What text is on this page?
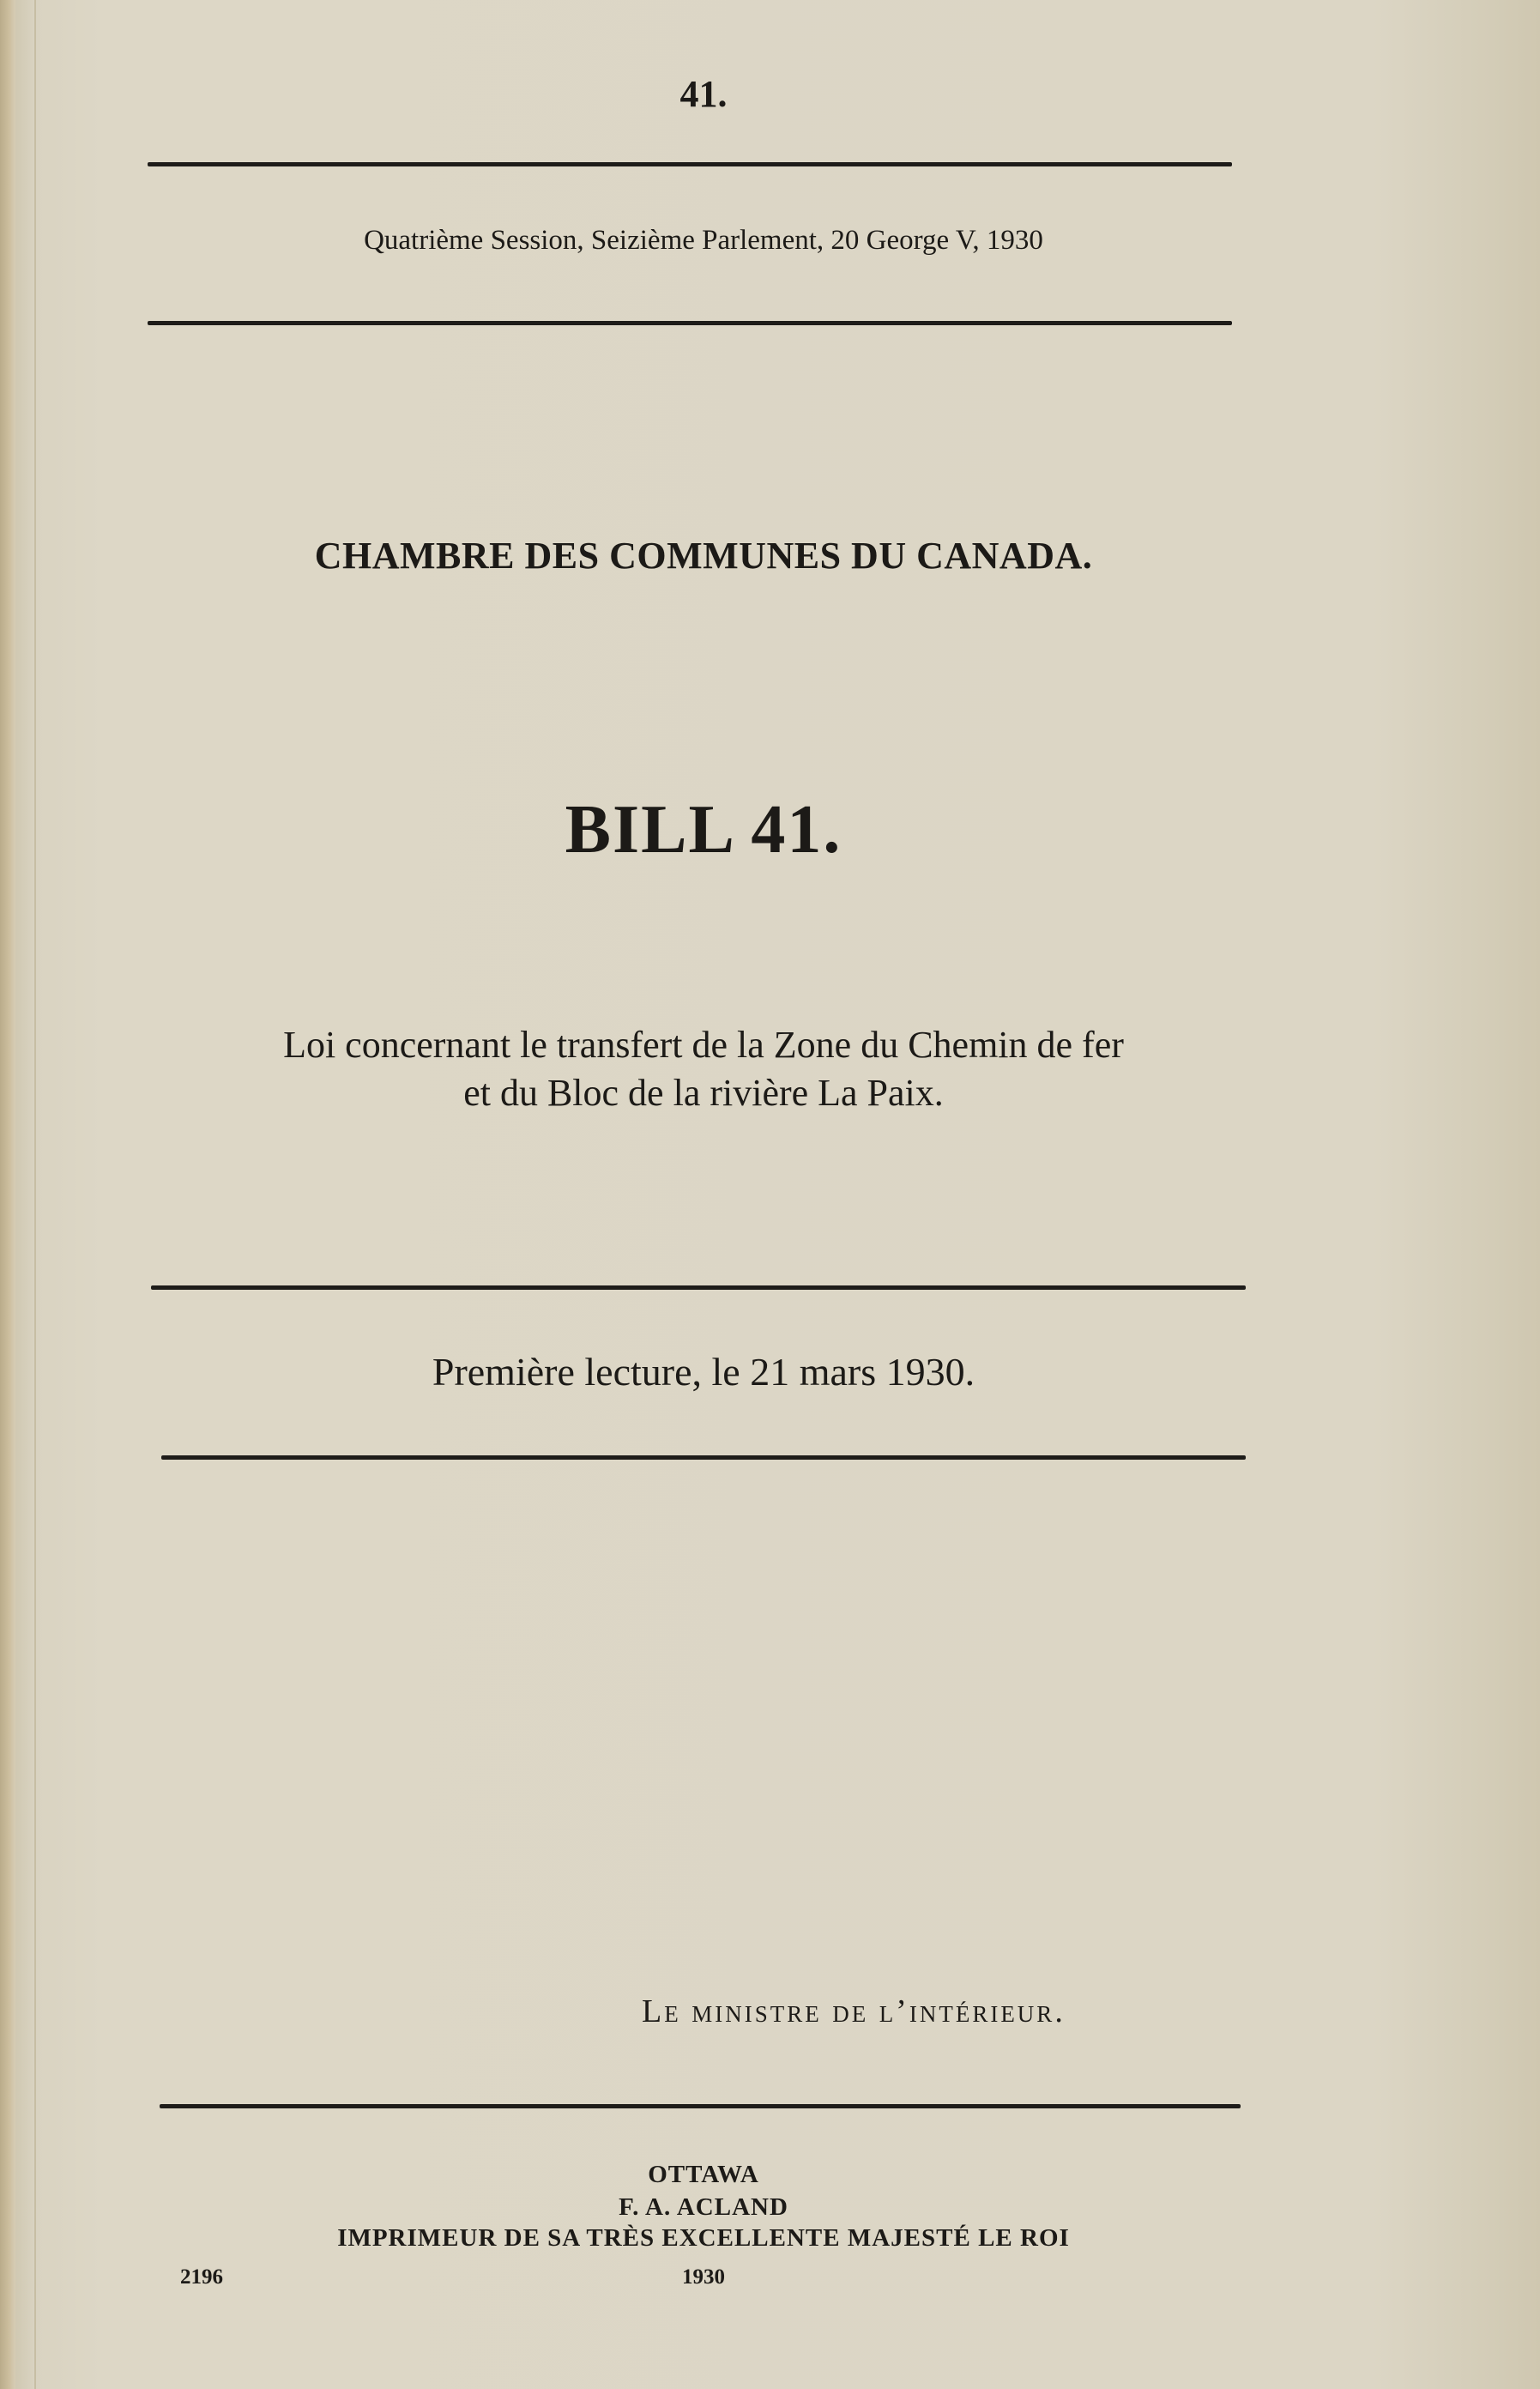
41.
Quatrième Session, Seizième Parlement, 20 George V, 1930
CHAMBRE DES COMMUNES DU CANADA.
BILL 41.
Loi concernant le transfert de la Zone du Chemin de fer
et du Bloc de la rivière La Paix.
Première lecture, le 21 mars 1930.
Le ministre de l’intérieur.
OTTAWA
F. A. ACLAND
IMPRIMEUR DE SA TRÈS EXCELLENTE MAJESTÉ LE ROI
2196	1930
